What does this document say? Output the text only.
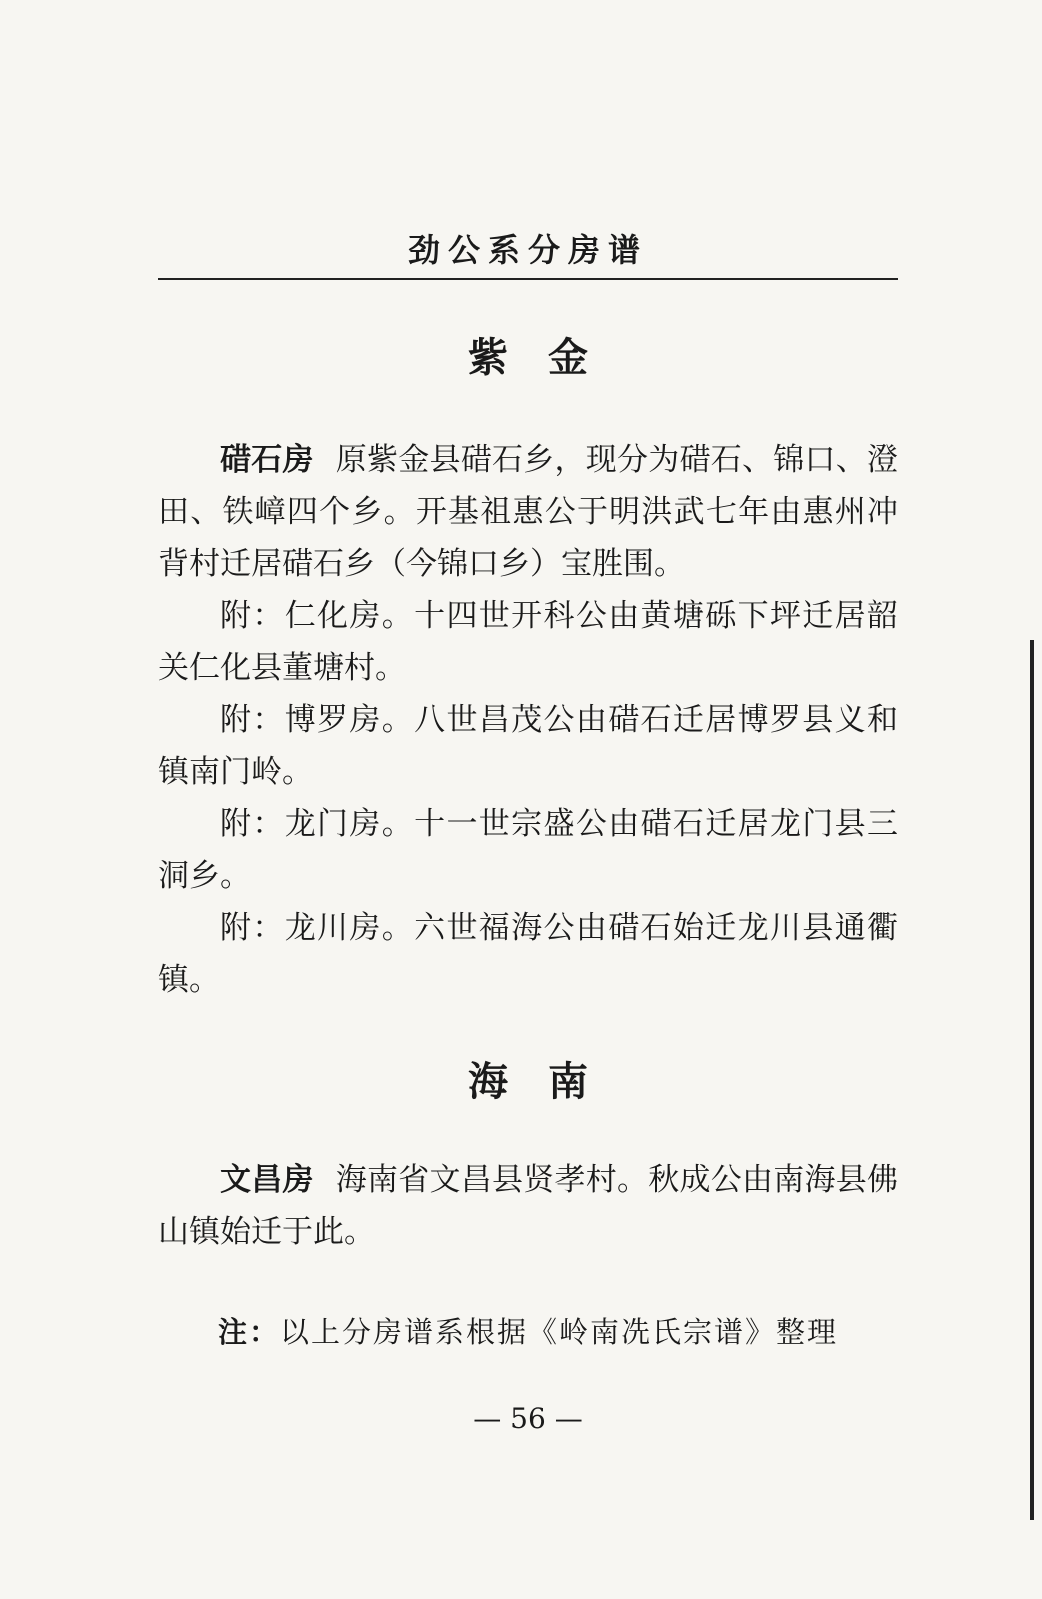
劲公系分房谱
紫　金

碏石房 原紫金县碏石乡，现分为碏石、锦口、澄田、铁嶂四个乡。开基祖惠公于明洪武七年由惠州冲背村迁居碏石乡（今锦口乡）宝胜围。

附：仁化房。十四世开科公由黄塘砾下坪迁居韶关仁化县董塘村。

附：博罗房。八世昌茂公由碏石迁居博罗县义和镇南门岭。

附：龙门房。十一世宗盛公由碏石迁居龙门县三洞乡。

附：龙川房。六世福海公由碏石始迁龙川县通衢镇。

海　南

文昌房 海南省文昌县贤孝村。秋成公由南海县佛山镇始迁于此。

注：以上分房谱系根据《岭南冼氏宗谱》整理
— 56 —
